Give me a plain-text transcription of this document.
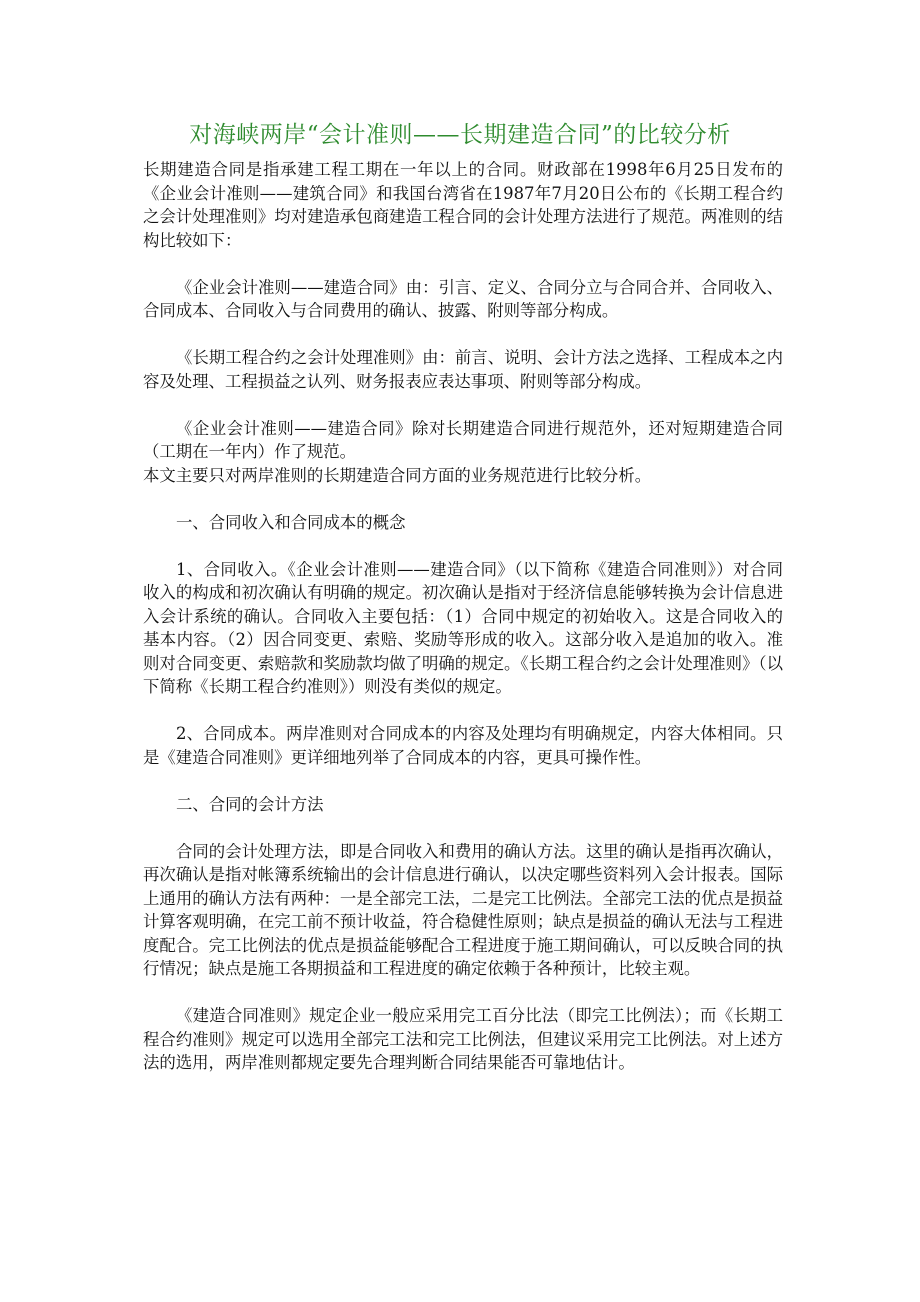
对海峡两岸“会计准则——长期建造合同”的比较分析

长期建造合同是指承建工程工期在一年以上的合同。财政部在1998年6月25日发布的《企业会计准则——建筑合同》和我国台湾省在1987年7月20日公布的《长期工程合约之会计处理准则》均对建造承包商建造工程合同的会计处理方法进行了规范。两准则的结构比较如下：

《企业会计准则——建造合同》由：引言、定义、合同分立与合同合并、合同收入、合同成本、合同收入与合同费用的确认、披露、附则等部分构成。

《长期工程合约之会计处理准则》由：前言、说明、会计方法之选择、工程成本之内容及处理、工程损益之认列、财务报表应表达事项、附则等部分构成。

《企业会计准则——建造合同》除对长期建造合同进行规范外，还对短期建造合同（工期在一年内）作了规范。

本文主要只对两岸准则的长期建造合同方面的业务规范进行比较分析。

一、合同收入和合同成本的概念

1、合同收入。《企业会计准则——建造合同》（以下简称《建造合同准则》）对合同收入的构成和初次确认有明确的规定。初次确认是指对于经济信息能够转换为会计信息进入会计系统的确认。合同收入主要包括：（1）合同中规定的初始收入。这是合同收入的基本内容。（2）因合同变更、索赔、奖励等形成的收入。这部分收入是追加的收入。准则对合同变更、索赔款和奖励款均做了明确的规定。《长期工程合约之会计处理准则》（以下简称《长期工程合约准则》）则没有类似的规定。

2、合同成本。两岸准则对合同成本的内容及处理均有明确规定，内容大体相同。只是《建造合同准则》更详细地列举了合同成本的内容，更具可操作性。

二、合同的会计方法

合同的会计处理方法，即是合同收入和费用的确认方法。这里的确认是指再次确认，再次确认是指对帐簿系统输出的会计信息进行确认，以决定哪些资料列入会计报表。国际上通用的确认方法有两种：一是全部完工法，二是完工比例法。全部完工法的优点是损益计算客观明确，在完工前不预计收益，符合稳健性原则；缺点是损益的确认无法与工程进度配合。完工比例法的优点是损益能够配合工程进度于施工期间确认，可以反映合同的执行情况；缺点是施工各期损益和工程进度的确定依赖于各种预计，比较主观。

《建造合同准则》规定企业一般应采用完工百分比法（即完工比例法）；而《长期工程合约准则》规定可以选用全部完工法和完工比例法，但建议采用完工比例法。对上述方法的选用，两岸准则都规定要先合理判断合同结果能否可靠地估计。
